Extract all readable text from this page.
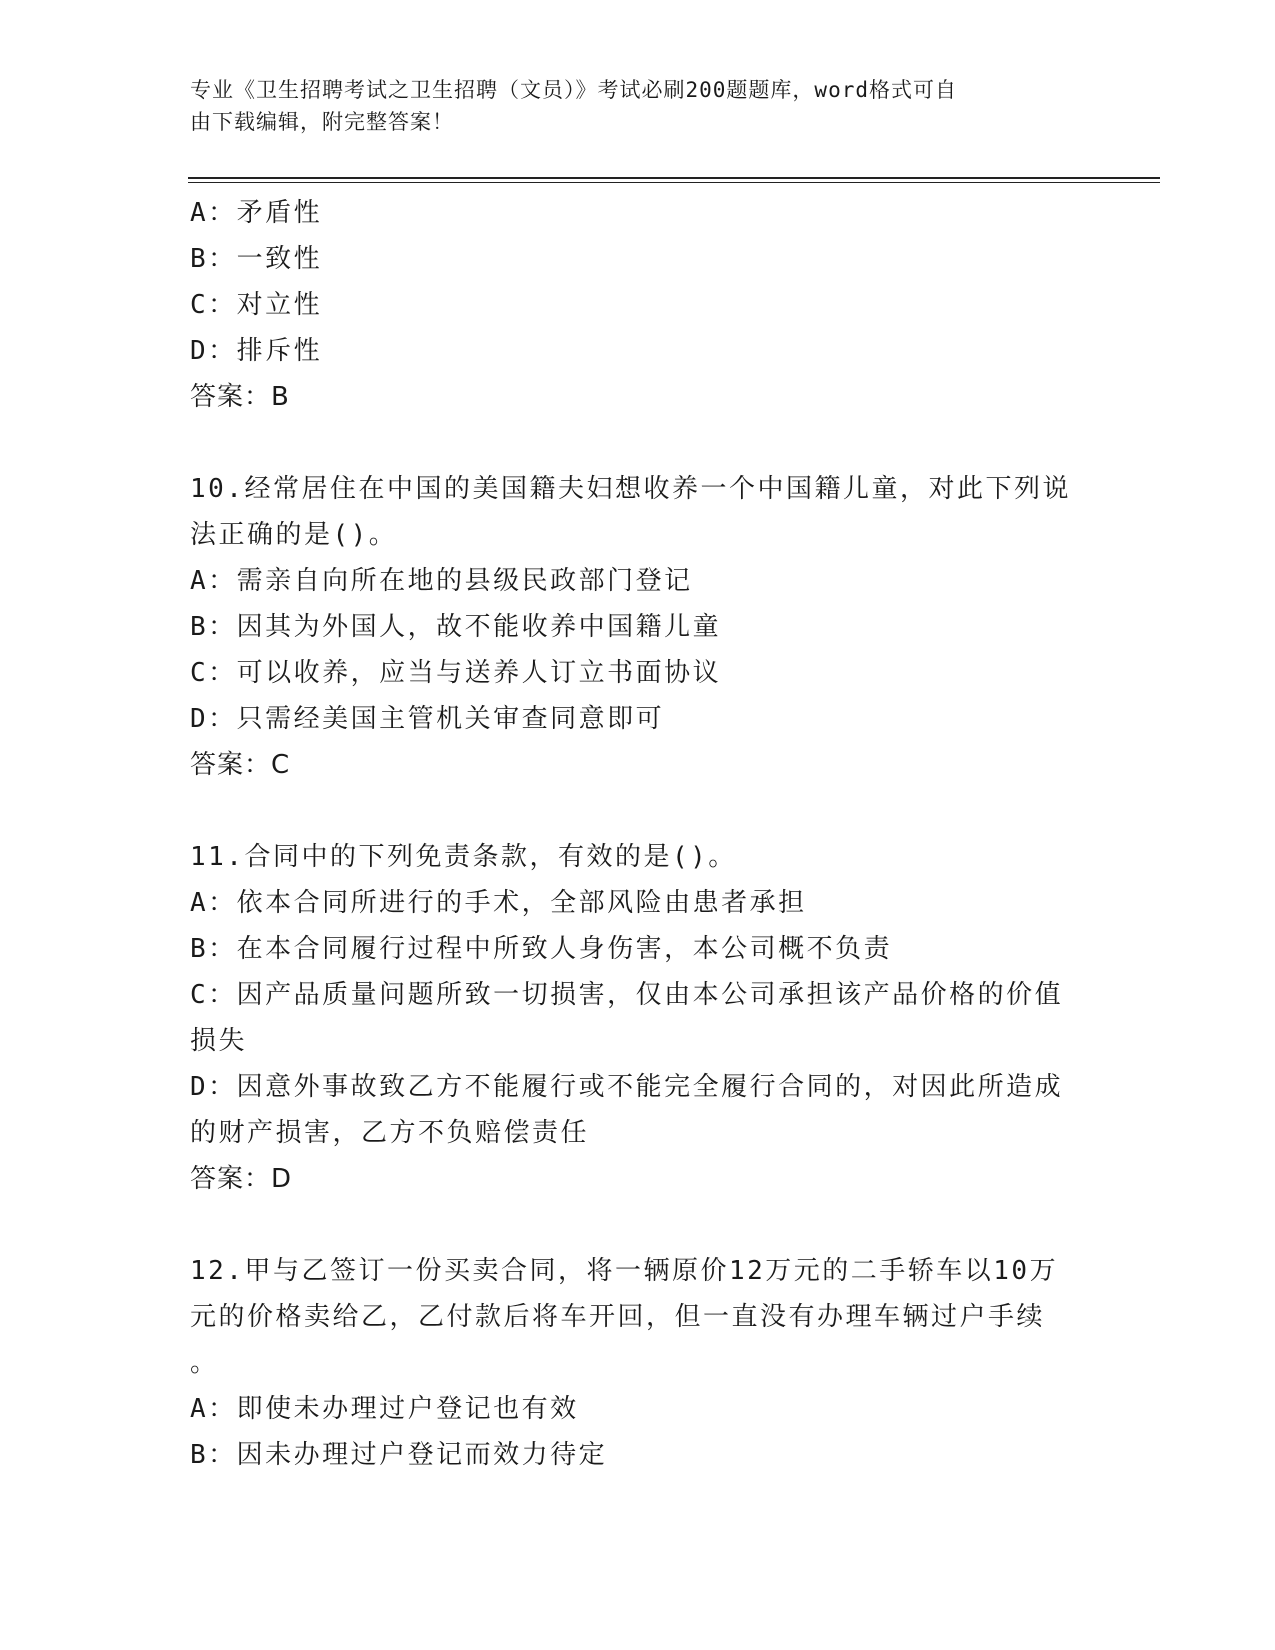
专业《卫生招聘考试之卫生招聘（文员）》考试必刷200题题库，word格式可自
由下载编辑，附完整答案！
A：矛盾性
B：一致性
C：对立性
D：排斥性
答案：B
10.经常居住在中国的美国籍夫妇想收养一个中国籍儿童，对此下列说
法正确的是()。
A：需亲自向所在地的县级民政部门登记
B：因其为外国人，故不能收养中国籍儿童
C：可以收养，应当与送养人订立书面协议
D：只需经美国主管机关审查同意即可
答案：C
11.合同中的下列免责条款，有效的是()。
A：依本合同所进行的手术，全部风险由患者承担
B：在本合同履行过程中所致人身伤害，本公司概不负责
C：因产品质量问题所致一切损害，仅由本公司承担该产品价格的价值
损失
D：因意外事故致乙方不能履行或不能完全履行合同的，对因此所造成
的财产损害，乙方不负赔偿责任
答案：D
12.甲与乙签订一份买卖合同，将一辆原价12万元的二手轿车以10万
元的价格卖给乙，乙付款后将车开回，但一直没有办理车辆过户手续
。
A：即使未办理过户登记也有效
B：因未办理过户登记而效力待定
